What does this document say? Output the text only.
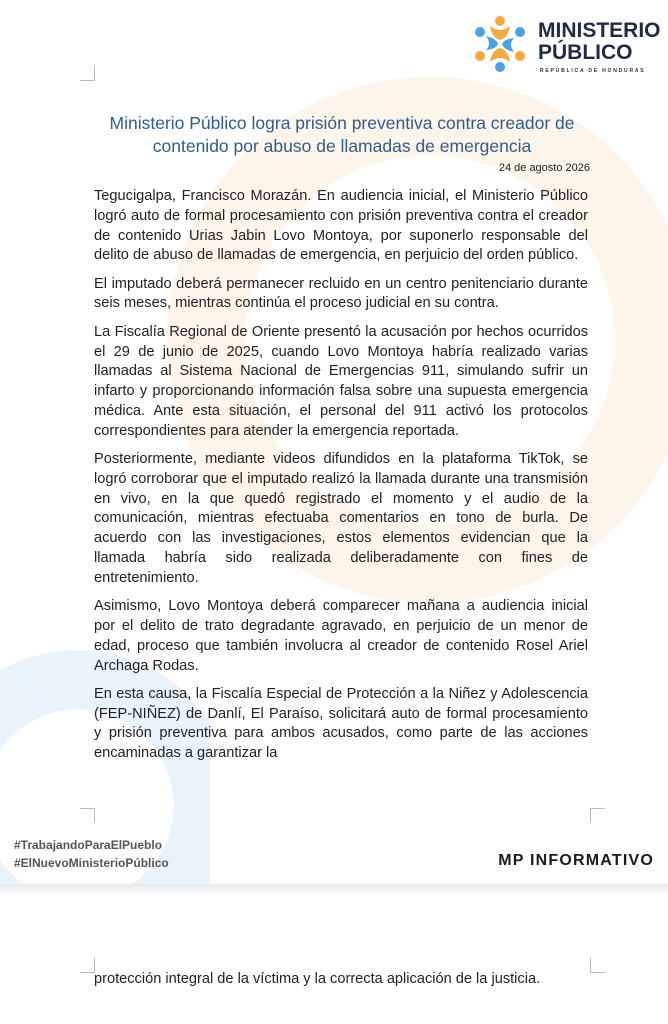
MINISTERIO
PÚBLICO
REPÚBLICA DE HONDURAS
Ministerio Público logra prisión preventiva contra creador de contenido por abuso de llamadas de emergencia
24 de agosto 2026

Tegucigalpa, Francisco Morazán. En audiencia inicial, el Ministerio Público logró auto de formal procesamiento con prisión preventiva contra el creador de contenido Urias Jabin Lovo Montoya, por suponerlo responsable del delito de abuso de llamadas de emergencia, en perjuicio del orden público.

El imputado deberá permanecer recluido en un centro penitenciario durante seis meses, mientras continúa el proceso judicial en su contra.

La Fiscalía Regional de Oriente presentó la acusación por hechos ocurridos el 29 de junio de 2025, cuando Lovo Montoya habría realizado varias llamadas al Sistema Nacional de Emergencias 911, simulando sufrir un infarto y proporcionando información falsa sobre una supuesta emergencia médica. Ante esta situación, el personal del 911 activó los protocolos correspondientes para atender la emergencia reportada.

Posteriormente, mediante videos difundidos en la plataforma TikTok, se logró corroborar que el imputado realizó la llamada durante una transmisión en vivo, en la que quedó registrado el momento y el audio de la comunicación, mientras efectuaba comentarios en tono de burla. De acuerdo con las investigaciones, estos elementos evidencian que la llamada habría sido realizada deliberadamente con fines de entretenimiento.

Asimismo, Lovo Montoya deberá comparecer mañana a audiencia inicial por el delito de trato degradante agravado, en perjuicio de un menor de edad, proceso que también involucra al creador de contenido Rosel Ariel Archaga Rodas.

En esta causa, la Fiscalía Especial de Protección a la Niñez y Adolescencia (FEP-NIÑEZ) de Danlí, El Paraíso, solicitará auto de formal procesamiento y prisión preventiva para ambos acusados, como parte de las acciones encaminadas a garantizar la

#TrabajandoParaElPueblo
#ElNuevoMinisterioPúblico	MP INFORMATIVO

protección integral de la víctima y la correcta aplicación de la justicia.
